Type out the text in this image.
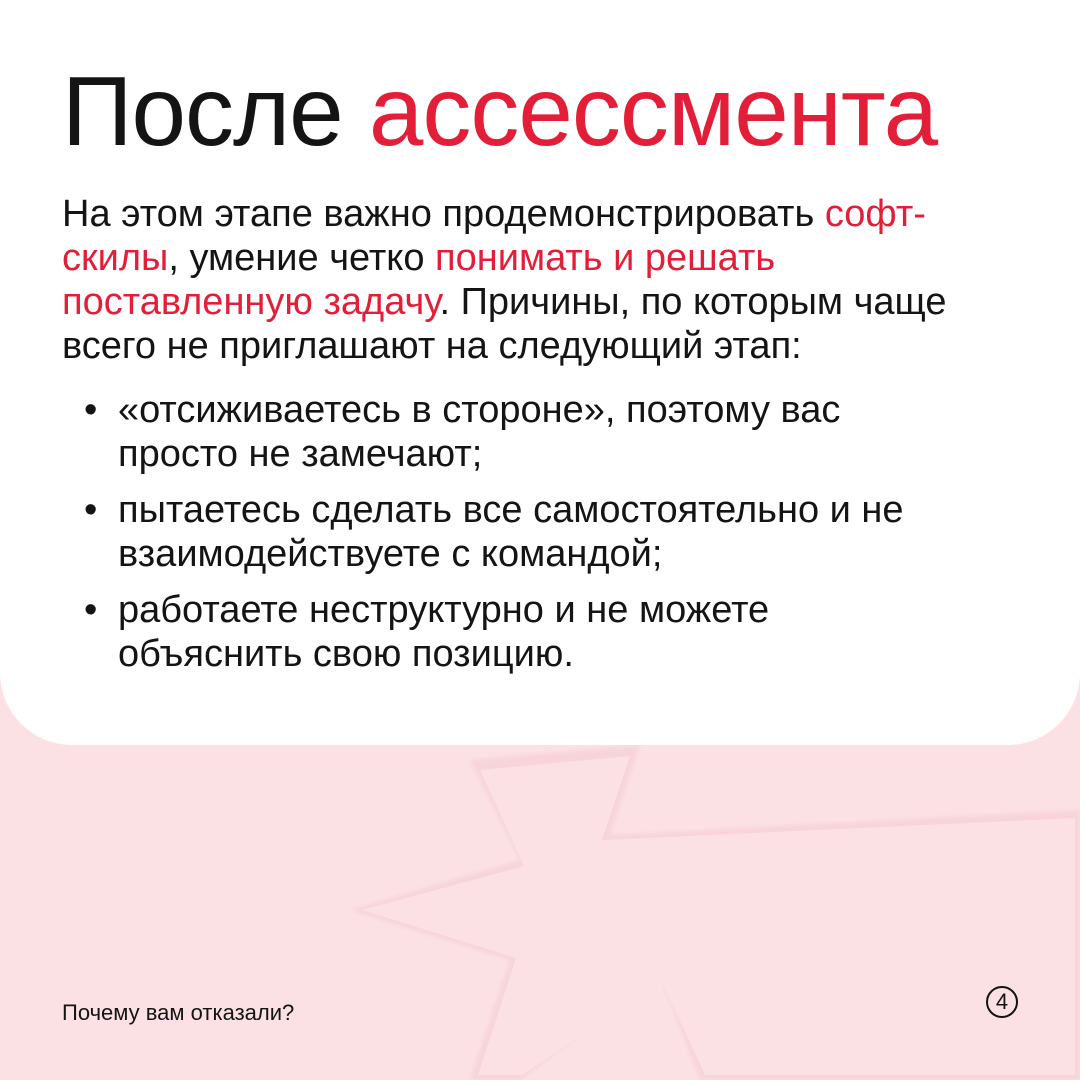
После ассессмента

На этом этапе важно продемонстрировать софт-скилы, умение четко понимать и решать поставленную задачу. Причины, по которым чаще всего не приглашают на следующий этап:

• «отсиживаетесь в стороне», поэтому вас просто не замечают;
• пытаетесь сделать все самостоятельно и не взаимодействуете с командой;
• работаете неструктурно и не можете объяснить свою позицию.
Почему вам отказали?	4
